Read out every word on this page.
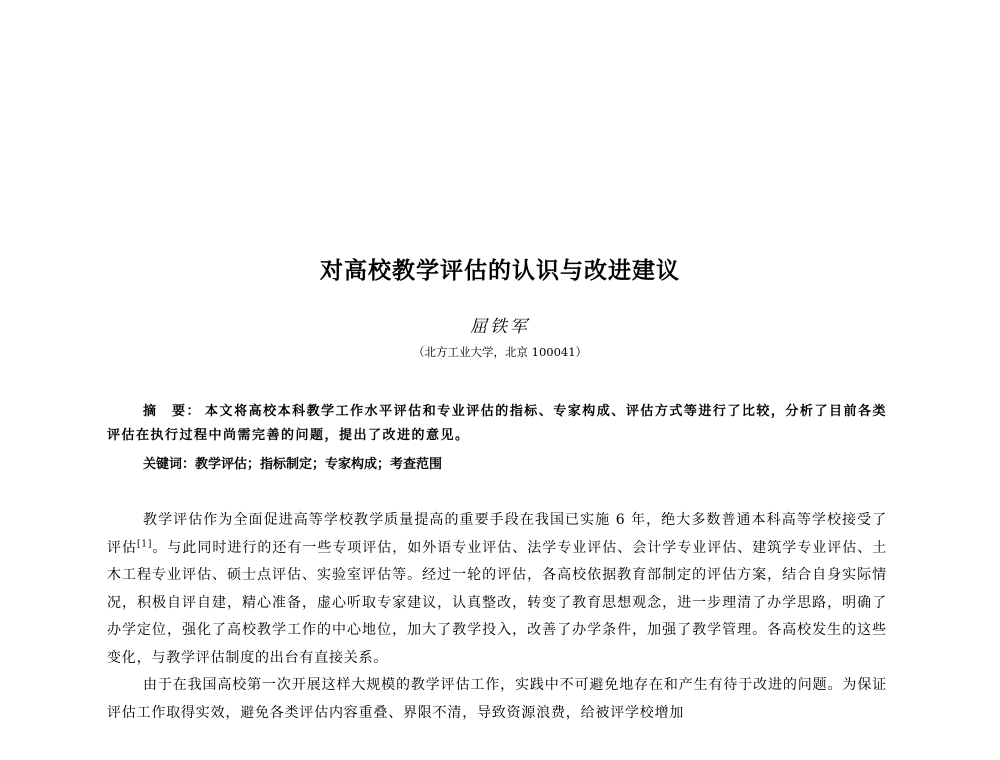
对高校教学评估的认识与改进建议
屈铁军
（北方工业大学，北京 100041）
摘　要： 本文将高校本科教学工作水平评估和专业评估的指标、专家构成、评估方式等进行了比较，分析了目前各类评估在执行过程中尚需完善的问题，提出了改进的意见。
关键词：教学评估；指标制定；专家构成；考查范围

教学评估作为全面促进高等学校教学质量提高的重要手段在我国已实施 6 年，绝大多数普通本科高等学校接受了评估[1]。与此同时进行的还有一些专项评估，如外语专业评估、法学专业评估、会计学专业评估、建筑学专业评估、土木工程专业评估、硕士点评估、实验室评估等。经过一轮的评估，各高校依据教育部制定的评估方案，结合自身实际情况，积极自评自建，精心准备，虚心听取专家建议，认真整改，转变了教育思想观念，进一步理清了办学思路，明确了办学定位，强化了高校教学工作的中心地位，加大了教学投入，改善了办学条件，加强了教学管理。各高校发生的这些变化，与教学评估制度的出台有直接关系。

由于在我国高校第一次开展这样大规模的教学评估工作，实践中不可避免地存在和产生有待于改进的问题。为保证评估工作取得实效，避免各类评估内容重叠、界限不清，导致资源浪费，给被评学校增加
